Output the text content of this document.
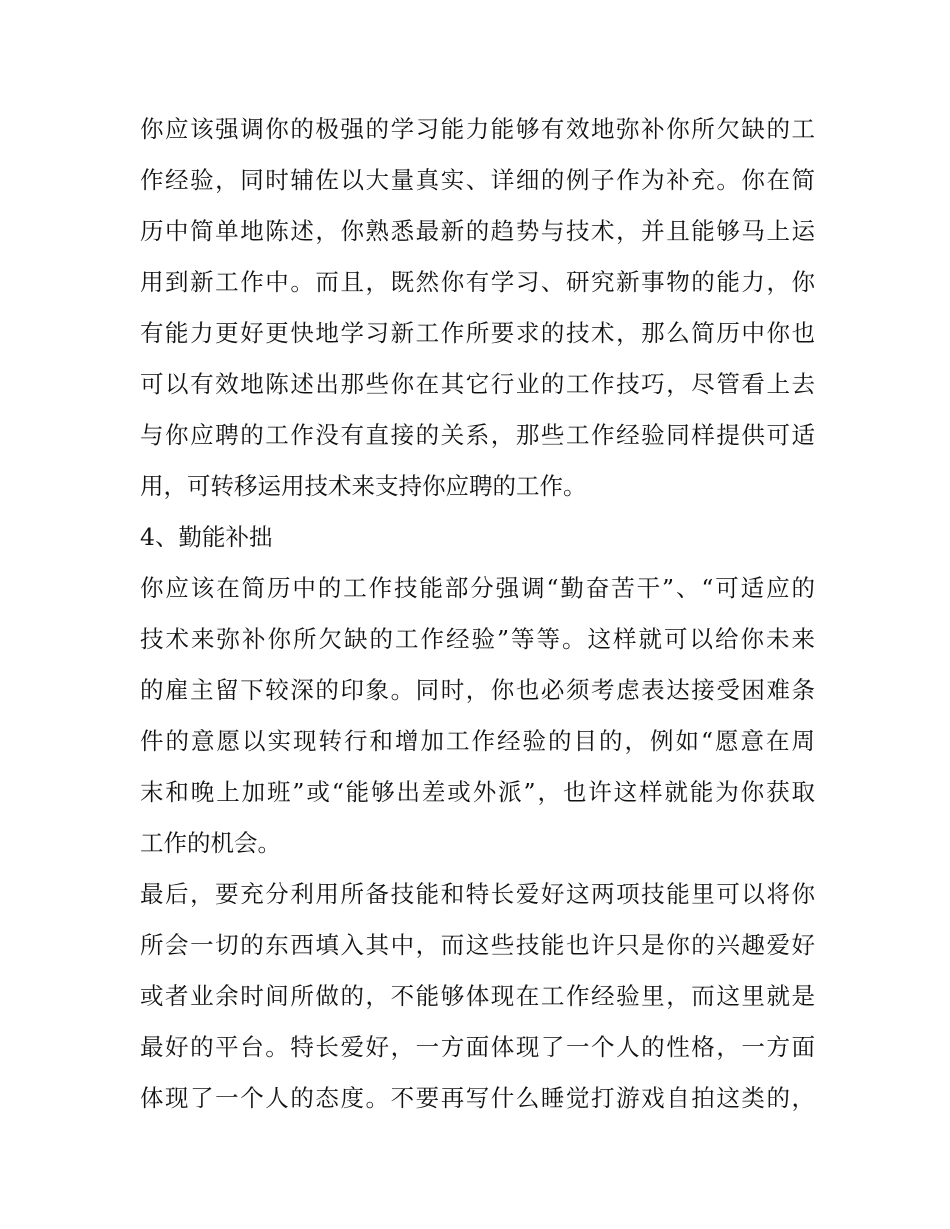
你应该强调你的极强的学习能力能够有效地弥补你所欠缺的工
作经验，同时辅佐以大量真实、详细的例子作为补充。你在简
历中简单地陈述，你熟悉最新的趋势与技术，并且能够马上运
用到新工作中。而且，既然你有学习、研究新事物的能力，你
有能力更好更快地学习新工作所要求的技术，那么简历中你也
可以有效地陈述出那些你在其它行业的工作技巧，尽管看上去
与你应聘的工作没有直接的关系，那些工作经验同样提供可适
用，可转移运用技术来支持你应聘的工作。
4、勤能补拙
你应该在简历中的工作技能部分强调“勤奋苦干”、“可适应的
技术来弥补你所欠缺的工作经验”等等。这样就可以给你未来
的雇主留下较深的印象。同时，你也必须考虑表达接受困难条
件的意愿以实现转行和增加工作经验的目的，例如“愿意在周
末和晚上加班”或“能够出差或外派”，也许这样就能为你获取
工作的机会。
最后，要充分利用所备技能和特长爱好这两项技能里可以将你
所会一切的东西填入其中，而这些技能也许只是你的兴趣爱好
或者业余时间所做的，不能够体现在工作经验里，而这里就是
最好的平台。特长爱好，一方面体现了一个人的性格，一方面
体现了一个人的态度。不要再写什么睡觉打游戏自拍这类的，
